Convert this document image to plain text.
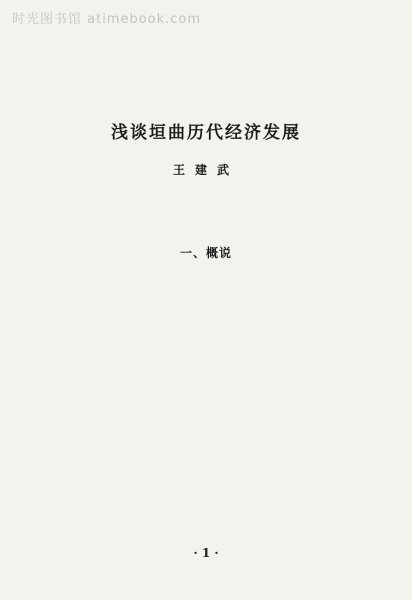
时光图书馆 atimebook.com
浅谈垣曲历代经济发展
王建武

一、概说

· 1 ·
